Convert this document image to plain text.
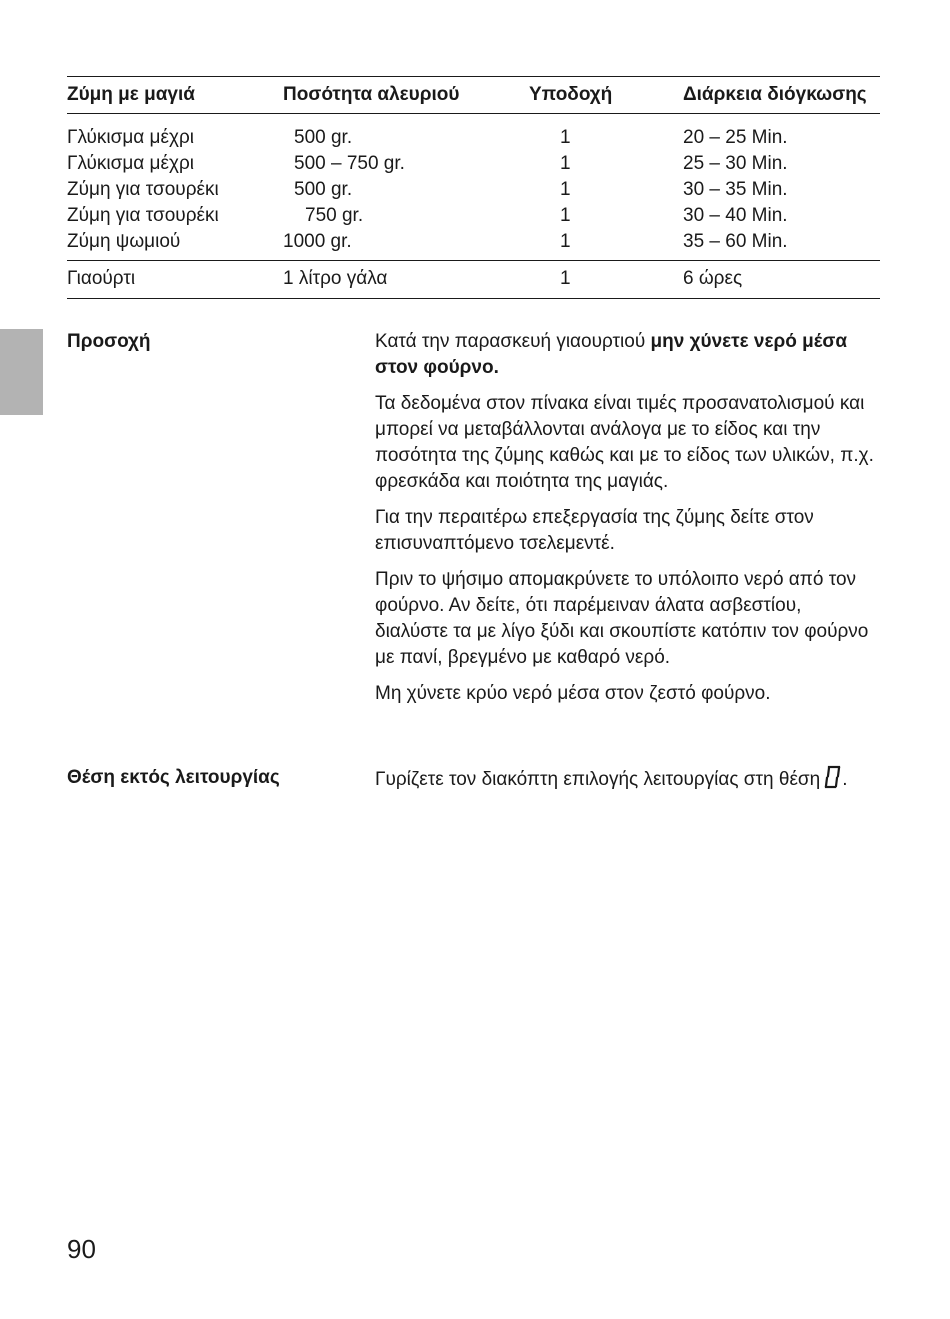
Ζύμη με μαγιά	Ποσότητα αλευριού	Υποδοχή	Διάρκεια διόγκωσης
Γλύκισμα μέχρι	500 gr.	1	20 – 25 Min.
Γλύκισμα μέχρι	500 – 750 gr.	1	25 – 30 Min.
Ζύμη για τσουρέκι	500 gr.	1	30 – 35 Min.
Ζύμη για τσουρέκι	750 gr.	1	30 – 40 Min.
Ζύμη ψωμιού	1000 gr.	1	35 – 60 Min.
Γιαούρτι	1 λίτρο γάλα	1	6 ώρες
Προσοχή	Κατά την παρασκευή γιαουρτιού μην χύνετε νερό μέσα στον φούρνο.

Τα δεδομένα στον πίνακα είναι τιμές προσανατολισμού και μπορεί να μεταβάλλονται ανάλογα με το είδος και την ποσότητα της ζύμης καθώς και με το είδος των υλικών, π.χ. φρεσκάδα και ποιότητα της μαγιάς.

Για την περαιτέρω επεξεργασία της ζύμης δείτε στον επισυναπτόμενο τσελεμεντέ.

Πριν το ψήσιμο απομακρύνετε το υπόλοιπο νερό από τον φούρνο. Αν δείτε, ότι παρέμειναν άλατα ασβεστίου, διαλύστε τα με λίγο ξύδι και σκουπίστε κατόπιν τον φούρνο με πανί, βρεγμένο με καθαρό νερό.

Μη χύνετε κρύο νερό μέσα στον ζεστό φούρνο.

Θέση εκτός λειτουργίας	Γυρίζετε τον διακόπτη επιλογής λειτουργίας στη θέση .

90
